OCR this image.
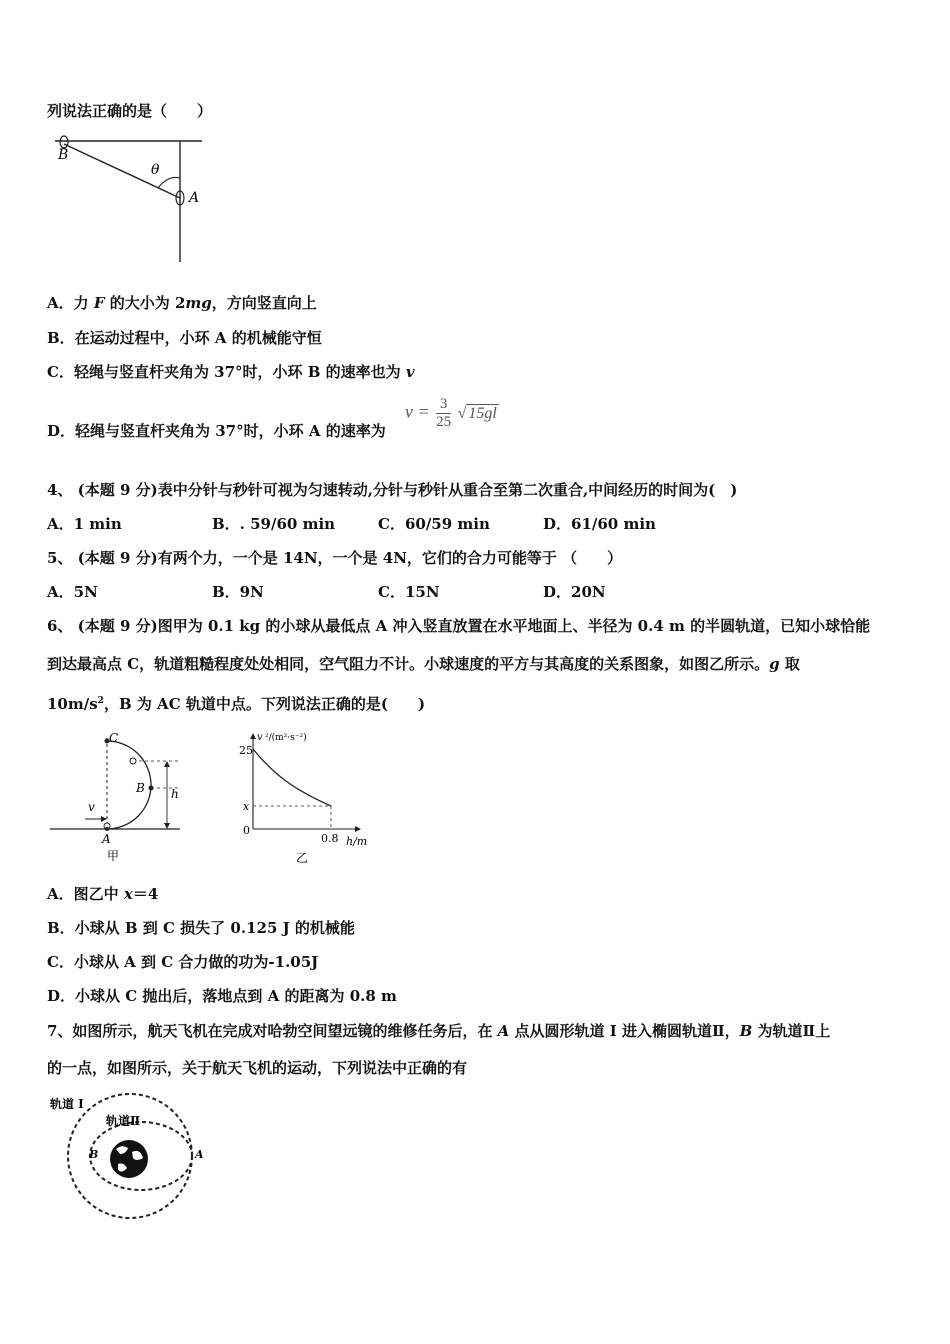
列说法正确的是（　　）
B
A
θ
A．力 F 的大小为 2mg，方向竖直向上
B．在运动过程中，小环 A 的机械能守恒
C．轻绳与竖直杆夹角为 37°时，小环 B 的速率也为 v
D．轻绳与竖直杆夹角为 37°时，小环 A 的速率为
$v = \frac{3}{25}$ √ 15gl
4、 (本题 9 分)表中分针与秒针可视为匀速转动,分针与秒针从重合至第二次重合,中间经历的时间为(　)
A．1 min	B．. 59/60 min	C．60/59 min	D．61/60 min
5、 (本题 9 分)有两个力，一个是 14N，一个是 4N，它们的合力可能等于 （　　）
A．5N	B．9N	C．15N	D．20N
6、 (本题 9 分)图甲为 0.1 kg 的小球从最低点 A 冲入竖直放置在水平地面上、半径为 0.4 m 的半圆轨道，已知小球恰能
到达最高点 C，轨道粗糙程度处处相同，空气阻力不计。小球速度的平方与其高度的关系图象，如图乙所示。g 取
$10m/s^2$，B 为 AC 轨道中点。下列说法正确的是(　　)
C
B
A
h
v
甲
v ²/(m²·s⁻²)
25
x
0
0.8 h/m
乙
A．图乙中 x＝4
B．小球从 B 到 C 损失了 0.125 J 的机械能
C．小球从 A 到 C 合力做的功为-1.05J
D．小球从 C 抛出后，落地点到 A 的距离为 0.8 m
7、如图所示，航天飞机在完成对哈勃空间望远镜的维修任务后，在 A 点从圆形轨道 I 进入椭圆轨道Ⅱ，B 为轨道Ⅱ上
的一点，如图所示，关于航天飞机的运动，下列说法中正确的有
轨道 I
轨道Ⅱ
B	A
